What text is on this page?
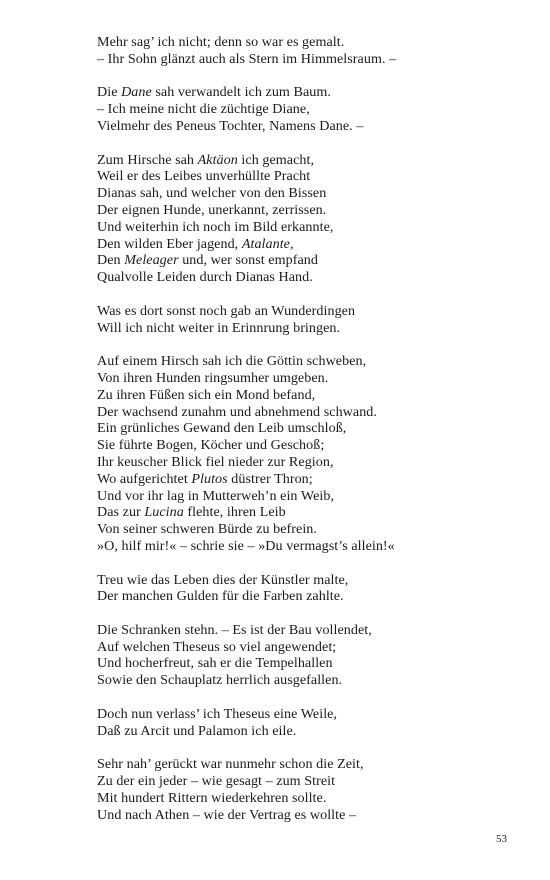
Mehr sag’ ich nicht; denn so war es gemalt.
– Ihr Sohn glänzt auch als Stern im Himmelsraum. –
Die Dane sah verwandelt ich zum Baum.
– Ich meine nicht die züchtige Diane,
Vielmehr des Peneus Tochter, Namens Dane. –
Zum Hirsche sah Aktäon ich gemacht,
Weil er des Leibes unverhüllte Pracht
Dianas sah, und welcher von den Bissen
Der eignen Hunde, unerkannt, zerrissen.
Und weiterhin ich noch im Bild erkannte,
Den wilden Eber jagend, Atalante,
Den Meleager und, wer sonst empfand
Qualvolle Leiden durch Dianas Hand.
Was es dort sonst noch gab an Wunderdingen
Will ich nicht weiter in Erinnrung bringen.
Auf einem Hirsch sah ich die Göttin schweben,
Von ihren Hunden ringsumher umgeben.
Zu ihren Füßen sich ein Mond befand,
Der wachsend zunahm und abnehmend schwand.
Ein grünliches Gewand den Leib umschloß,
Sie führte Bogen, Köcher und Geschoß;
Ihr keuscher Blick fiel nieder zur Region,
Wo aufgerichtet Plutos düstrer Thron;
Und vor ihr lag in Mutterweh’n ein Weib,
Das zur Lucina flehte, ihren Leib
Von seiner schweren Bürde zu befrein.
»O, hilf mir!« – schrie sie – »Du vermagst’s allein!«
Treu wie das Leben dies der Künstler malte,
Der manchen Gulden für die Farben zahlte.
Die Schranken stehn. – Es ist der Bau vollendet,
Auf welchen Theseus so viel angewendet;
Und hocherfreut, sah er die Tempelhallen
Sowie den Schauplatz herrlich ausgefallen.
Doch nun verlass’ ich Theseus eine Weile,
Daß zu Arcit und Palamon ich eile.
Sehr nah’ gerückt war nunmehr schon die Zeit,
Zu der ein jeder – wie gesagt – zum Streit
Mit hundert Rittern wiederkehren sollte.
Und nach Athen – wie der Vertrag es wollte –
53
